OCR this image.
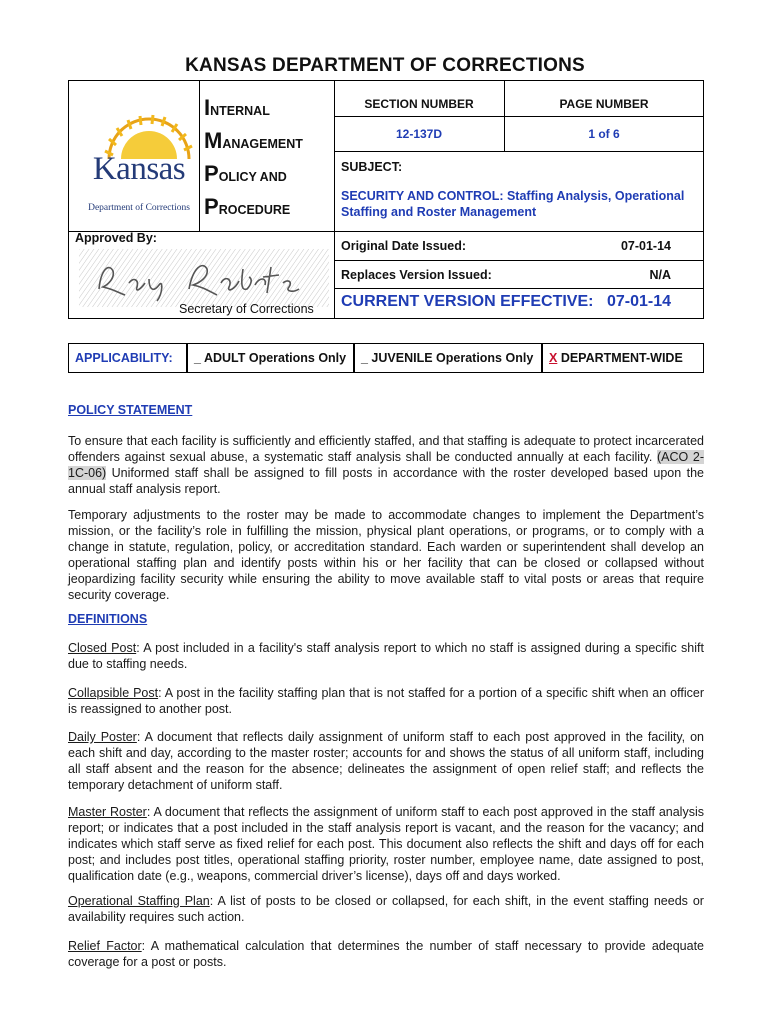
KANSAS DEPARTMENT OF CORRECTIONS
Kansas
Department of Corrections
INTERNAL
MANAGEMENT
POLICY AND
PROCEDURE
SECTION NUMBER	PAGE NUMBER
12-137D	1 of 6
SUBJECT:
SECURITY AND CONTROL: Staffing Analysis, Operational Staffing and Roster Management
Approved By:
Secretary of Corrections
Original Date Issued:	07-01-14
Replaces Version Issued:	N/A
CURRENT VERSION EFFECTIVE: 07-01-14
APPLICABILITY:	_ ADULT Operations Only	_ JUVENILE Operations Only	X DEPARTMENT-WIDE
POLICY STATEMENT
To ensure that each facility is sufficiently and efficiently staffed, and that staffing is adequate to protect incarcerated offenders against sexual abuse, a systematic staff analysis shall be conducted annually at each facility. (ACO 2-1C-06) Uniformed staff shall be assigned to fill posts in accordance with the roster developed based upon the annual staff analysis report.
Temporary adjustments to the roster may be made to accommodate changes to implement the Department’s mission, or the facility’s role in fulfilling the mission, physical plant operations, or programs, or to comply with a change in statute, regulation, policy, or accreditation standard. Each warden or superintendent shall develop an operational staffing plan and identify posts within his or her facility that can be closed or collapsed without jeopardizing facility security while ensuring the ability to move available staff to vital posts or areas that require security coverage.
DEFINITIONS
Closed Post: A post included in a facility's staff analysis report to which no staff is assigned during a specific shift due to staffing needs.
Collapsible Post: A post in the facility staffing plan that is not staffed for a portion of a specific shift when an officer is reassigned to another post.
Daily Poster: A document that reflects daily assignment of uniform staff to each post approved in the facility, on each shift and day, according to the master roster; accounts for and shows the status of all uniform staff, including all staff absent and the reason for the absence; delineates the assignment of open relief staff; and reflects the temporary detachment of uniform staff.
Master Roster: A document that reflects the assignment of uniform staff to each post approved in the staff analysis report; or indicates that a post included in the staff analysis report is vacant, and the reason for the vacancy; and indicates which staff serve as fixed relief for each post. This document also reflects the shift and days off for each post; and includes post titles, operational staffing priority, roster number, employee name, date assigned to post, qualification date (e.g., weapons, commercial driver’s license), days off and days worked.
Operational Staffing Plan: A list of posts to be closed or collapsed, for each shift, in the event staffing needs or availability requires such action.
Relief Factor: A mathematical calculation that determines the number of staff necessary to provide adequate coverage for a post or posts.
